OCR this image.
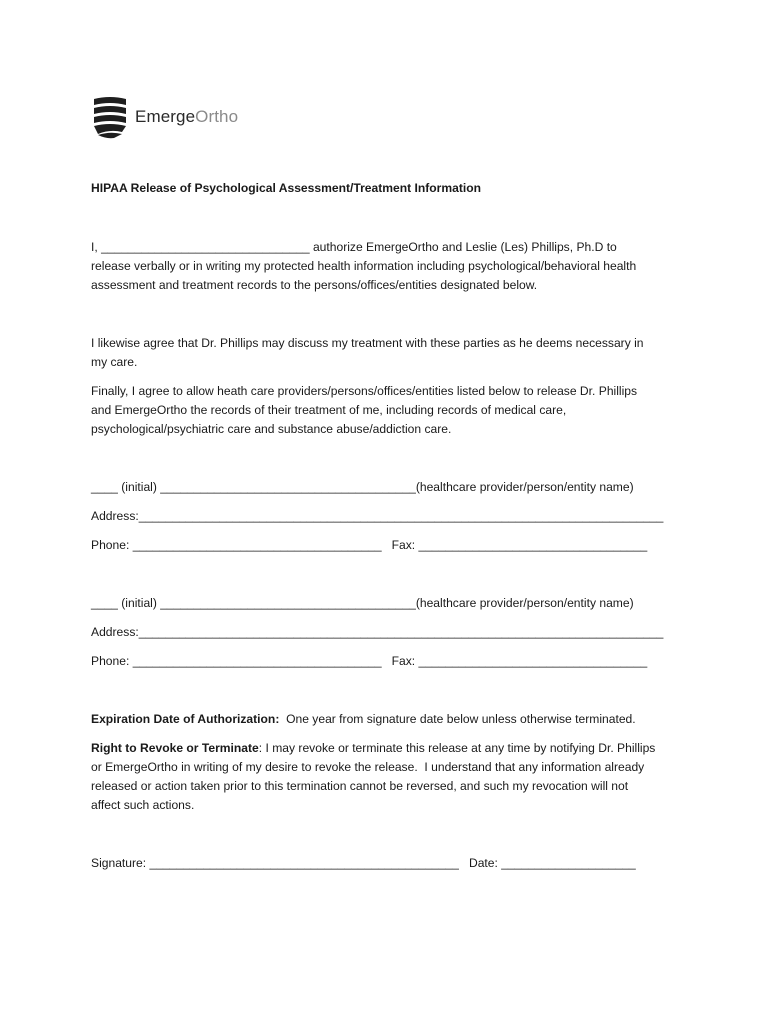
EmergeOrtho
HIPAA Release of Psychological Assessment/Treatment Information
I, _______________________________ authorize EmergeOrtho and Leslie (Les) Phillips, Ph.D to
release verbally or in writing my protected health information including psychological/behavioral health
assessment and treatment records to the persons/offices/entities designated below.
I likewise agree that Dr. Phillips may discuss my treatment with these parties as he deems necessary in
my care.
Finally, I agree to allow heath care providers/persons/offices/entities listed below to release Dr. Phillips
and EmergeOrtho the records of their treatment of me, including records of medical care,
psychological/psychiatric care and substance abuse/addiction care.
____ (initial) ______________________________________(healthcare provider/person/entity name)
Address:______________________________________________________________________________
Phone: _____________________________________   Fax: __________________________________
____ (initial) ______________________________________(healthcare provider/person/entity name)
Address:______________________________________________________________________________
Phone: _____________________________________   Fax: __________________________________
Expiration Date of Authorization:  One year from signature date below unless otherwise terminated.
Right to Revoke or Terminate: I may revoke or terminate this release at any time by notifying Dr. Phillips
or EmergeOrtho in writing of my desire to revoke the release.  I understand that any information already
released or action taken prior to this termination cannot be reversed, and such my revocation will not
affect such actions.
Signature: ______________________________________________   Date: ____________________
